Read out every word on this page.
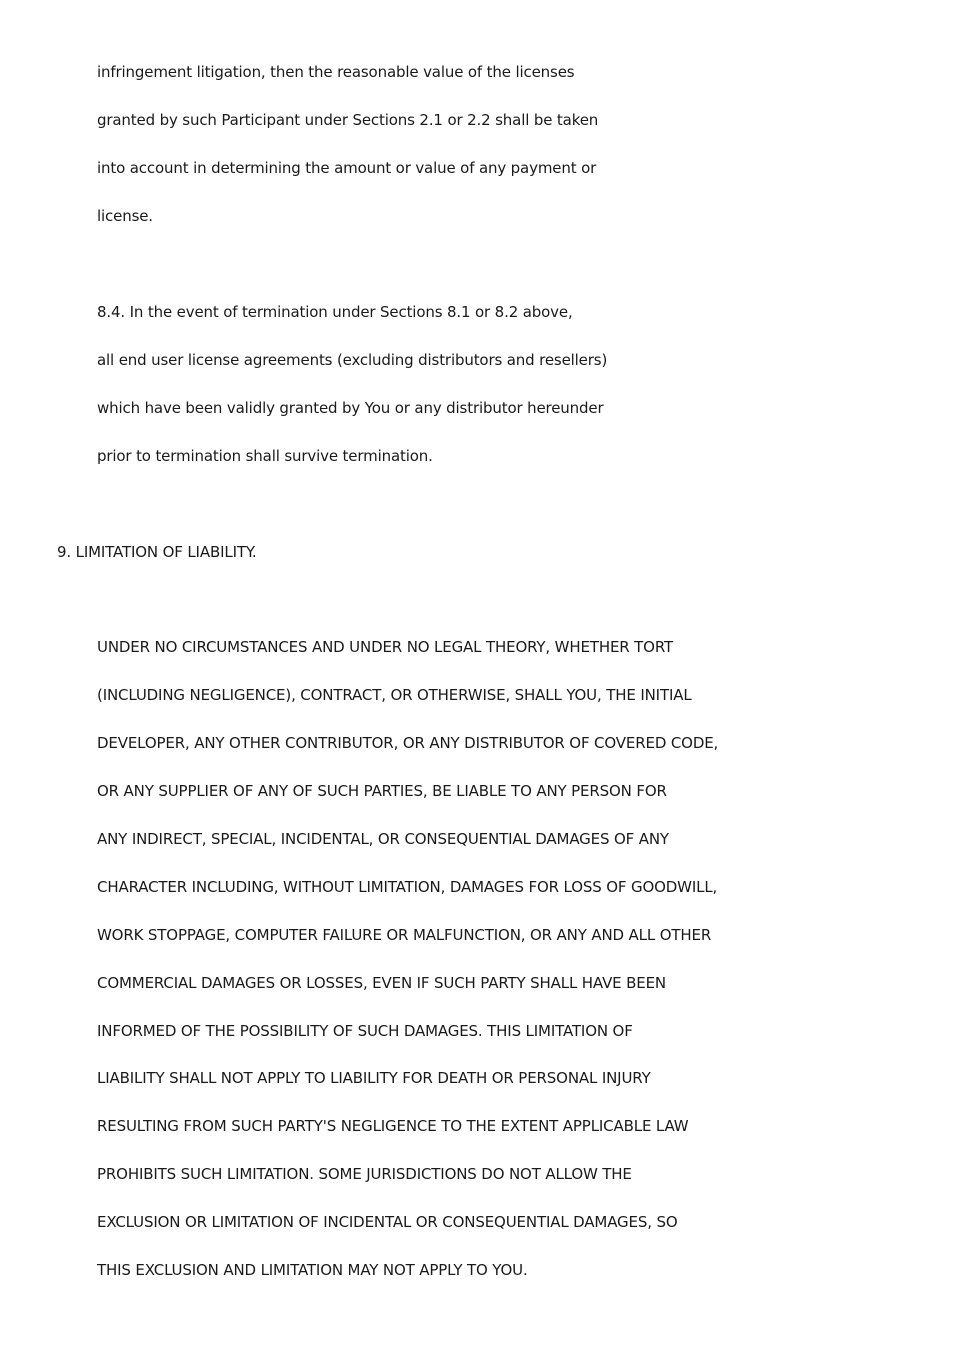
infringement litigation, then the reasonable value of the licenses
granted by such Participant under Sections 2.1 or 2.2 shall be taken
into account in determining the amount or value of any payment or
license.
8.4. In the event of termination under Sections 8.1 or 8.2 above,
all end user license agreements (excluding distributors and resellers)
which have been validly granted by You or any distributor hereunder
prior to termination shall survive termination.
9. LIMITATION OF LIABILITY.
UNDER NO CIRCUMSTANCES AND UNDER NO LEGAL THEORY, WHETHER TORT
(INCLUDING NEGLIGENCE), CONTRACT, OR OTHERWISE, SHALL YOU, THE INITIAL
DEVELOPER, ANY OTHER CONTRIBUTOR, OR ANY DISTRIBUTOR OF COVERED CODE,
OR ANY SUPPLIER OF ANY OF SUCH PARTIES, BE LIABLE TO ANY PERSON FOR
ANY INDIRECT, SPECIAL, INCIDENTAL, OR CONSEQUENTIAL DAMAGES OF ANY
CHARACTER INCLUDING, WITHOUT LIMITATION, DAMAGES FOR LOSS OF GOODWILL,
WORK STOPPAGE, COMPUTER FAILURE OR MALFUNCTION, OR ANY AND ALL OTHER
COMMERCIAL DAMAGES OR LOSSES, EVEN IF SUCH PARTY SHALL HAVE BEEN
INFORMED OF THE POSSIBILITY OF SUCH DAMAGES. THIS LIMITATION OF
LIABILITY SHALL NOT APPLY TO LIABILITY FOR DEATH OR PERSONAL INJURY
RESULTING FROM SUCH PARTY'S NEGLIGENCE TO THE EXTENT APPLICABLE LAW
PROHIBITS SUCH LIMITATION. SOME JURISDICTIONS DO NOT ALLOW THE
EXCLUSION OR LIMITATION OF INCIDENTAL OR CONSEQUENTIAL DAMAGES, SO
THIS EXCLUSION AND LIMITATION MAY NOT APPLY TO YOU.
